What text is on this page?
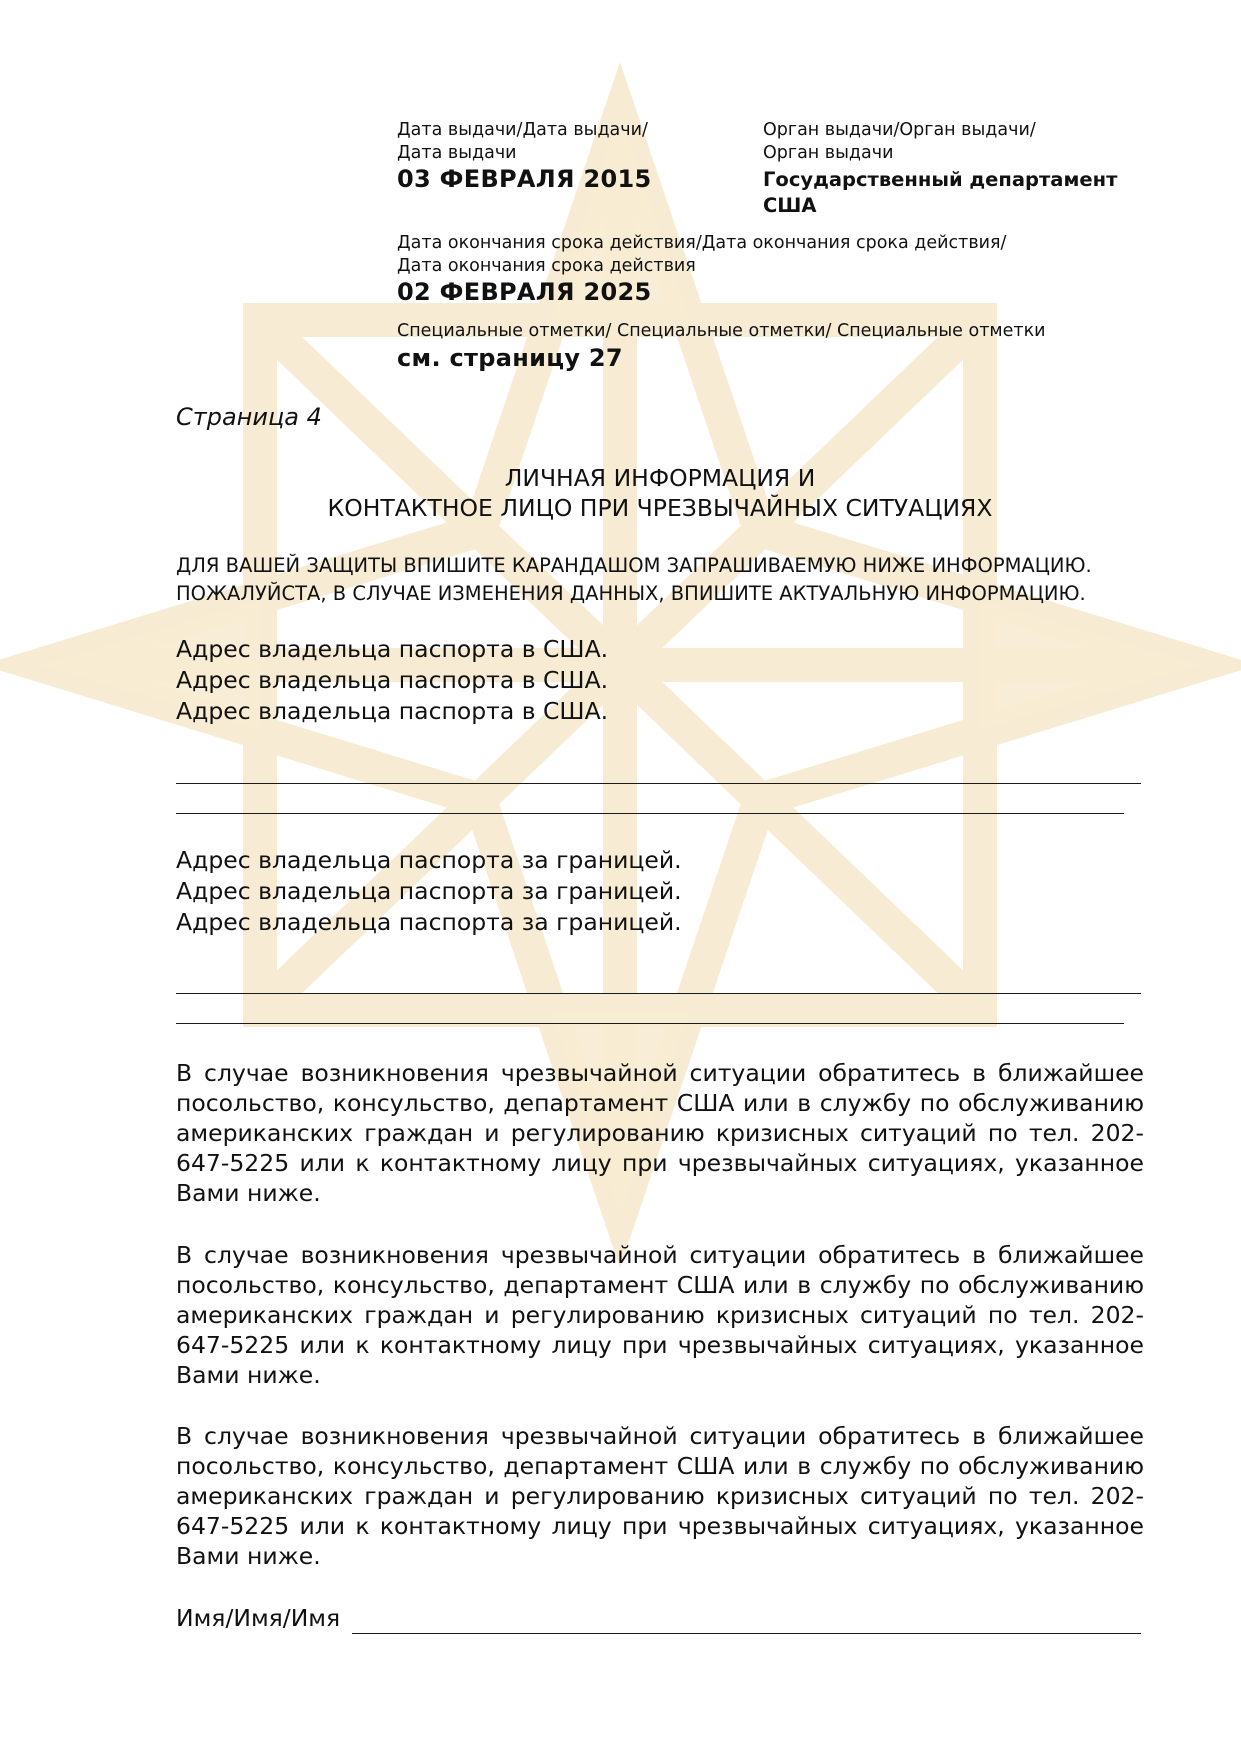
Дата выдачи/Дата выдачи/
Дата выдачи
03 ФЕВРАЛЯ 2015
Орган выдачи/Орган выдачи/
Орган выдачи
Государственный департамент
США
Дата окончания срока действия/Дата окончания срока действия/
Дата окончания срока действия
02 ФЕВРАЛЯ 2025
Специальные отметки/ Специальные отметки/ Специальные отметки
см. страницу 27
Страница 4
ЛИЧНАЯ ИНФОРМАЦИЯ И
КОНТАКТНОЕ ЛИЦО ПРИ ЧРЕЗВЫЧАЙНЫХ СИТУАЦИЯХ
ДЛЯ ВАШЕЙ ЗАЩИТЫ ВПИШИТЕ КАРАНДАШОМ ЗАПРАШИВАЕМУЮ НИЖЕ ИНФОРМАЦИЮ.
ПОЖАЛУЙСТА, В СЛУЧАЕ ИЗМЕНЕНИЯ ДАННЫХ, ВПИШИТЕ АКТУАЛЬНУЮ ИНФОРМАЦИЮ.
Адрес владельца паспорта в США.
Адрес владельца паспорта в США.
Адрес владельца паспорта в США.
Адрес владельца паспорта за границей.
Адрес владельца паспорта за границей.
Адрес владельца паспорта за границей.
В случае возникновения чрезвычайной ситуации обратитесь в ближайшее посольство, консульство, департамент США или в службу по обслуживанию американских граждан и регулированию кризисных ситуаций по тел. 202-647-5225 или к контактному лицу при чрезвычайных ситуациях, указанное Вами ниже.
В случае возникновения чрезвычайной ситуации обратитесь в ближайшее посольство, консульство, департамент США или в службу по обслуживанию американских граждан и регулированию кризисных ситуаций по тел. 202-647-5225 или к контактному лицу при чрезвычайных ситуациях, указанное Вами ниже.
В случае возникновения чрезвычайной ситуации обратитесь в ближайшее посольство, консульство, департамент США или в службу по обслуживанию американских граждан и регулированию кризисных ситуаций по тел. 202-647-5225 или к контактному лицу при чрезвычайных ситуациях, указанное Вами ниже.
Имя/Имя/Имя
